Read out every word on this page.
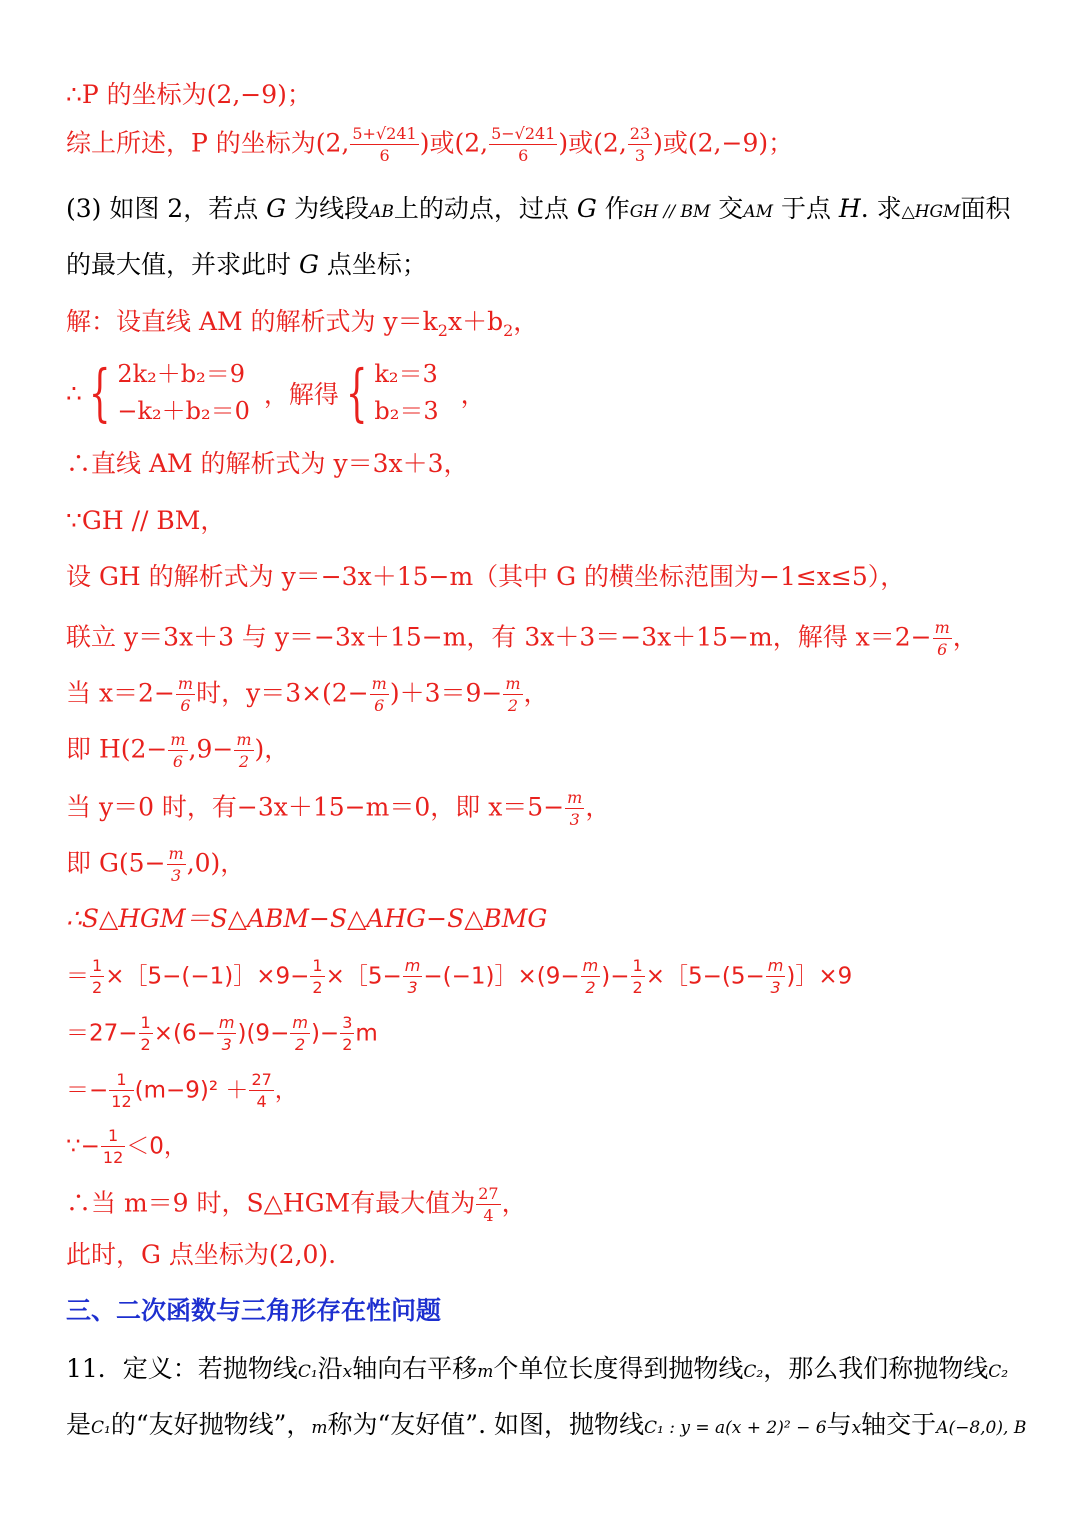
∴P 的坐标为(2,−9)；
综上所述，P 的坐标为(2, $\frac{5+√241}{6}$ )或(2, $\frac{5-√241}{6}$ )或(2, $\frac{23}{3}$ )或(2,−9)；
(3) 如图 2，若点 G 为线段AB上的动点，过点 G 作GH // BM 交AM 于点 H. 求△HGM面积
的最大值，并求此时 G 点坐标；
解：设直线 AM 的解析式为 $y=k_2x+b_2$，
∴ { 2k₂＋b₂＝9
−k₂＋b₂＝0
，解得 { k₂＝3
b₂＝3
，
∴直线 AM 的解析式为 y＝3x＋3，
∵GH // BM，
设 GH 的解析式为 y＝−3x＋15−m（其中 G 的横坐标范围为−1≤x≤5），
联立 y＝3x＋3 与 y＝−3x＋15−m，有 3x＋3＝−3x＋15−m，解得 $x=2- \frac{m}{6}$ ，
当 $x=2- \frac{m}{6}$ 时，$y=3\times(2- \frac{m}{6} )+3=9- \frac{m}{2}$ ，
即 $H(2- \frac{m}{6} ,9- \frac{m}{2}$ )，
当 y＝0 时，有−3x＋15−m＝0，即 $x=5- \frac{m}{3}$ ，
即 $G(5- \frac{m}{3} ,0)$，
∴S△HGM＝S△ABM−S△AHG−S△BMG
＝ $\frac{1}{2}$ ×［5−(−1)］×9− $\frac{1}{2}$ ×［5− $\frac{m}{3}$ −(−1)］×(9− $\frac{m}{2}$ )− $\frac{1}{2}$ ×［5−(5− $\frac{m}{3}$ )］×9
$=27- \frac{1}{2} \times(6- \frac{m}{3} )(9- \frac{m}{2}$ )− $\frac{3}{2}$ m
＝− $\frac{1}{12} (m-9)^2 + \frac{27}{4}$ ，
∵− $\frac{1}{12} <0$，
∴当 m＝9 时，S△HGM有最大值为 $\frac{27}{4}$ ，
此时，G 点坐标为(2,0).
三、二次函数与三角形存在性问题
11．定义：若抛物线C₁沿x轴向右平移m个单位长度得到抛物线C₂，那么我们称抛物线C₂
是C₁的“友好抛物线”，m称为“友好值”. 如图，抛物线C₁ : y = a(x + 2)² − 6与x轴交于A(−8,0), B
